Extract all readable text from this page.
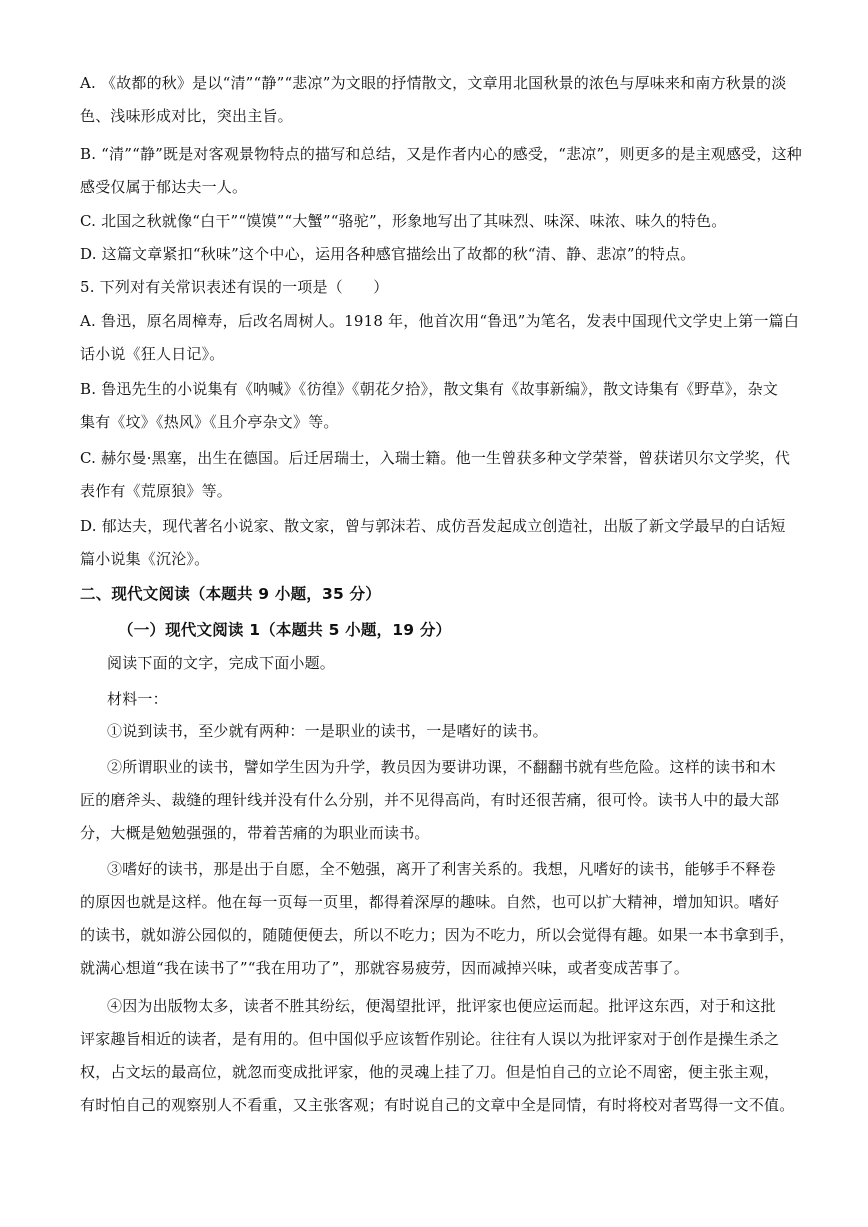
A. 《故都的秋》是以“清”“静”“悲凉”为文眼的抒情散文，文章用北国秋景的浓色与厚味来和南方秋景的淡
色、浅味形成对比，突出主旨。
B. “清”“静”既是对客观景物特点的描写和总结，又是作者内心的感受，“悲凉”，则更多的是主观感受，这种
感受仅属于郁达夫一人。
C. 北国之秋就像“白干”“馍馍”“大蟹”“骆驼”，形象地写出了其味烈、味深、味浓、味久的特色。
D. 这篇文章紧扣“秋味”这个中心，运用各种感官描绘出了故都的秋“清、静、悲凉”的特点。
5. 下列对有关常识表述有误的一项是（　　）
A. 鲁迅，原名周樟寿，后改名周树人。1918 年，他首次用“鲁迅”为笔名，发表中国现代文学史上第一篇白
话小说《狂人日记》。
B. 鲁迅先生的小说集有《呐喊》《彷徨》《朝花夕拾》，散文集有《故事新编》，散文诗集有《野草》，杂文
集有《坟》《热风》《且介亭杂文》等。
C. 赫尔曼·黑塞，出生在德国。后迁居瑞士，入瑞士籍。他一生曾获多种文学荣誉，曾获诺贝尔文学奖，代
表作有《荒原狼》等。
D. 郁达夫，现代著名小说家、散文家，曾与郭沫若、成仿吾发起成立创造社，出版了新文学最早的白话短
篇小说集《沉沦》。
二、现代文阅读（本题共 9 小题，35 分）
（一）现代文阅读 1（本题共 5 小题，19 分）
阅读下面的文字，完成下面小题。
材料一：
①说到读书，至少就有两种：一是职业的读书，一是嗜好的读书。
②所谓职业的读书，譬如学生因为升学，教员因为要讲功课，不翻翻书就有些危险。这样的读书和木
匠的磨斧头、裁缝的理针线并没有什么分别，并不见得高尚，有时还很苦痛，很可怜。读书人中的最大部
分，大概是勉勉强强的，带着苦痛的为职业而读书。
③嗜好的读书，那是出于自愿，全不勉强，离开了利害关系的。我想，凡嗜好的读书，能够手不释卷
的原因也就是这样。他在每一页每一页里，都得着深厚的趣味。自然，也可以扩大精神，增加知识。嗜好
的读书，就如游公园似的，随随便便去，所以不吃力；因为不吃力，所以会觉得有趣。如果一本书拿到手，
就满心想道“我在读书了”“我在用功了”，那就容易疲劳，因而减掉兴味，或者变成苦事了。
④因为出版物太多，读者不胜其纷纭，便渴望批评，批评家也便应运而起。批评这东西，对于和这批
评家趣旨相近的读者，是有用的。但中国似乎应该暂作别论。往往有人误以为批评家对于创作是操生杀之
权，占文坛的最高位，就忽而变成批评家，他的灵魂上挂了刀。但是怕自己的立论不周密，便主张主观，
有时怕自己的观察别人不看重，又主张客观；有时说自己的文章中全是同情，有时将校对者骂得一文不值。
